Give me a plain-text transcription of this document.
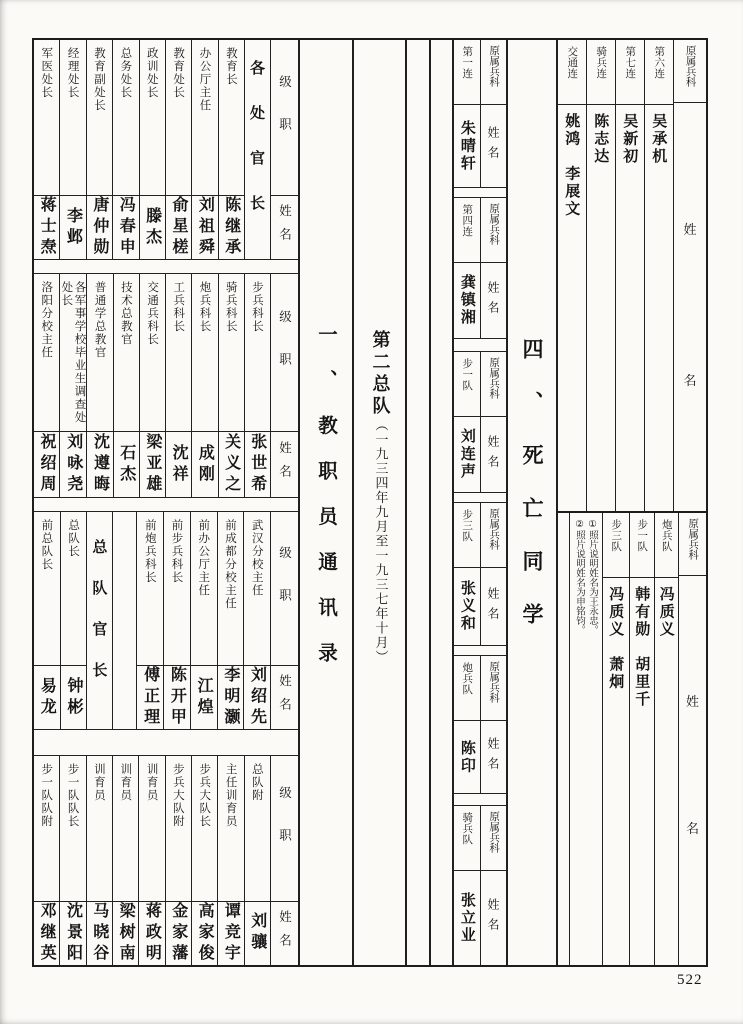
级职
姓名
各处官长
教育长
陈继承
办公厅主任
刘祖舜
教育处长
俞星槎
政训处长
滕杰
总务处长
冯春申
教育副处长
唐仲勋
经理处长
李邺
军医处长
蒋士焘
级职
姓名
步兵科长
张世希
骑兵科长
关义之
炮兵科长
成刚
工兵科长
沈祥
交通兵科长
梁亚雄
技术总教官
石杰
普通学总教官
沈遵晦
各军事学校毕业生调查处处长
刘咏尧
洛阳分校主任
祝绍周
级职
姓名
武汉分校主任
刘绍先
前成都分校主任
李明灏
前办公厅主任
江煌
前步兵科长
陈开甲
前炮兵科长
傅正理
总队官长
总队长
钟彬
前总队长
易龙
级职
姓名
总队附
刘骧
主任训育员
谭竞宇
步兵大队长
高家俊
步兵大队附
金家藩
训育员
蒋政明
训育员
梁树南
训育员
马晓谷
步一队队长
沈景阳
步一队队附
邓继英
一、教职员通讯录 第二总队（一九三四年九月至一九三七年十月）
原属兵科
姓名
第一连
朱晴轩
原属兵科
姓名
第四连
龚镇湘
原属兵科
姓名
步一队
刘连声
原属兵科
姓名
步三队
张义和
原属兵科
姓名
炮兵队
陈印
原属兵科
姓名
骑兵队
张立业
四、死亡同学
原属兵科
姓
名
第六连
吴承机
第七连
吴新初
骑兵连
陈志达
交通连
姚鸿　李展文
原属兵科
姓
名
炮兵队
冯质义
步一队
韩有勋　胡里千
步三队
冯质义　萧炯
①照片说明姓名为王永忠。
②照片说明姓名为申铭钧。
522
